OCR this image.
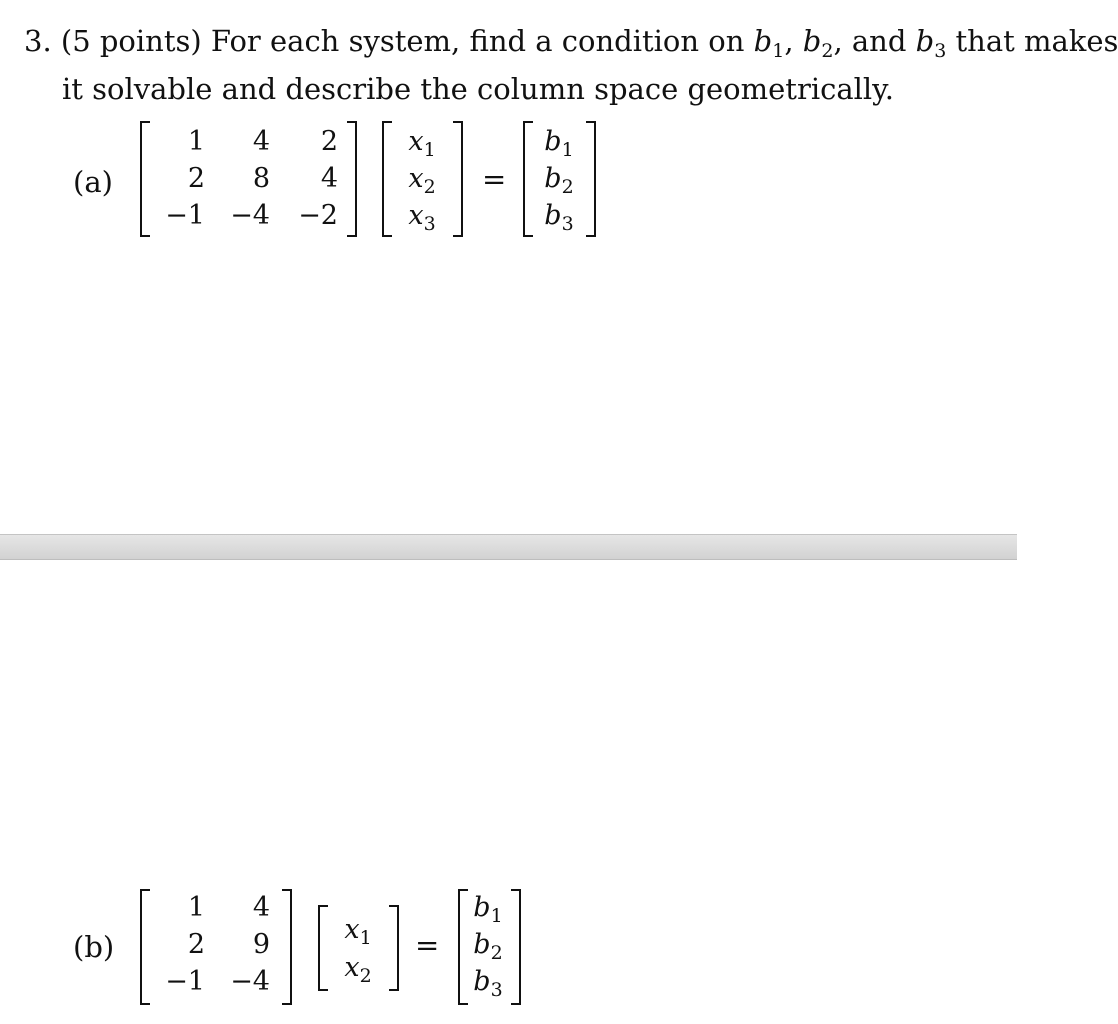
3. (5 points) For each system, find a condition on $b_1$, $b_2$, and $b_3$ that makes
it solvable and describe the column space geometrically.
(a)
1	4	2
2	8	4
−1 −4	−2
$x_1$
$x_2$
$x_3$
=
$b_1$
$b_2$
$b_3$
(b)
1	4
2	9
−1 −4
$x_1$
$x_2$
=
$b_1$
$b_2$
$b_3$
